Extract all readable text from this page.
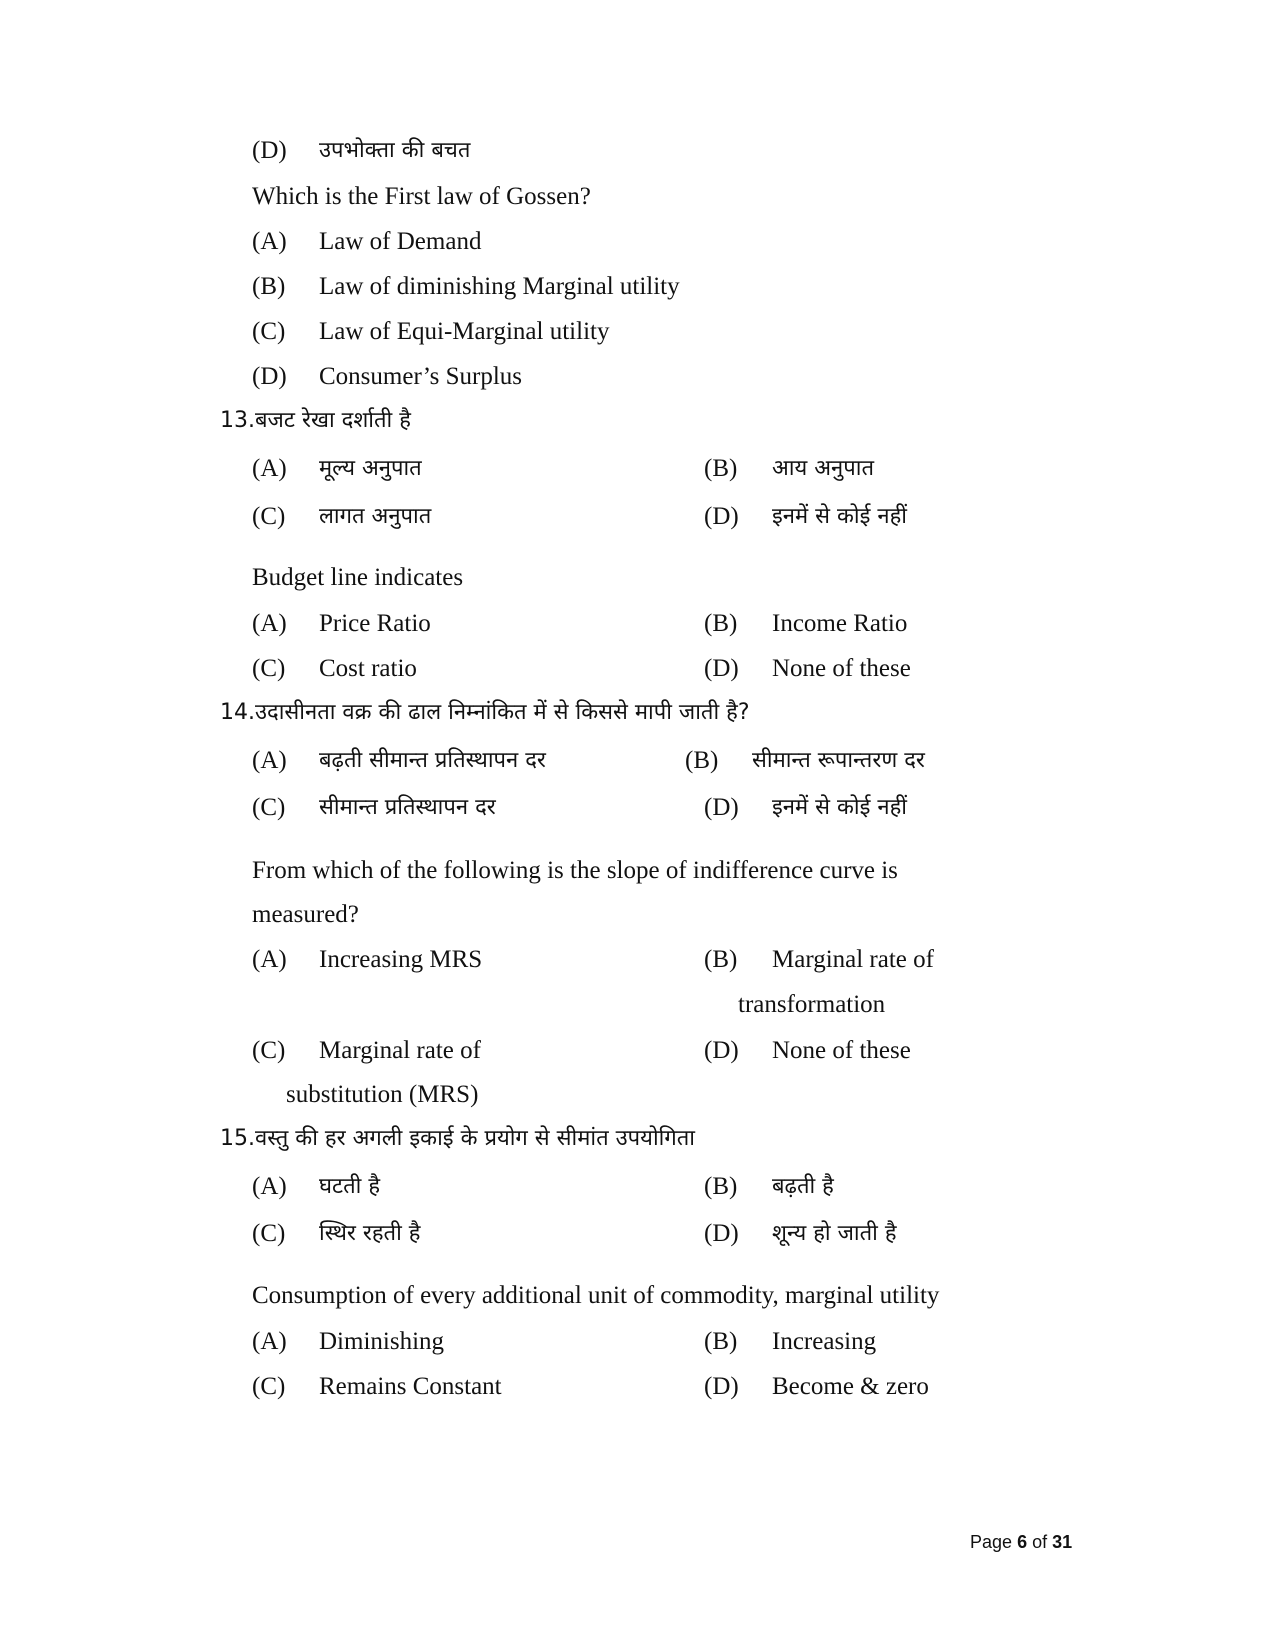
(D) उपभोक्ता की बचत
Which is the First law of Gossen?
(A) Law of Demand
(B) Law of diminishing Marginal utility
(C) Law of Equi-Marginal utility
(D) Consumer’s Surplus
13.बजट रेखा दर्शाती है
(A) मूल्य अनुपात	(B) आय अनुपात
(C) लागत अनुपात	(D) इनमें से कोई नहीं
Budget line indicates
(A) Price Ratio	(B) Income Ratio
(C) Cost ratio	(D) None of these
14.उदासीनता वक्र की ढाल निम्नांकित में से किससे मापी जाती है?
(A) बढ़ती सीमान्त प्रतिस्थापन दर	(B) सीमान्त रूपान्तरण दर
(C) सीमान्त प्रतिस्थापन दर	(D) इनमें से कोई नहीं
From which of the following is the slope of indifference curve is
measured?
(A) Increasing MRS	(B) Marginal rate of
transformation
(C) Marginal rate of	(D) None of these
substitution (MRS)
15.वस्तु की हर अगली इकाई के प्रयोग से सीमांत उपयोगिता
(A) घटती है	(B) बढ़ती है
(C) स्थिर रहती है	(D) शून्य हो जाती है
Consumption of every additional unit of commodity, marginal utility
(A) Diminishing	(B) Increasing
(C) Remains Constant	(D) Become & zero
Page 6 of 31
